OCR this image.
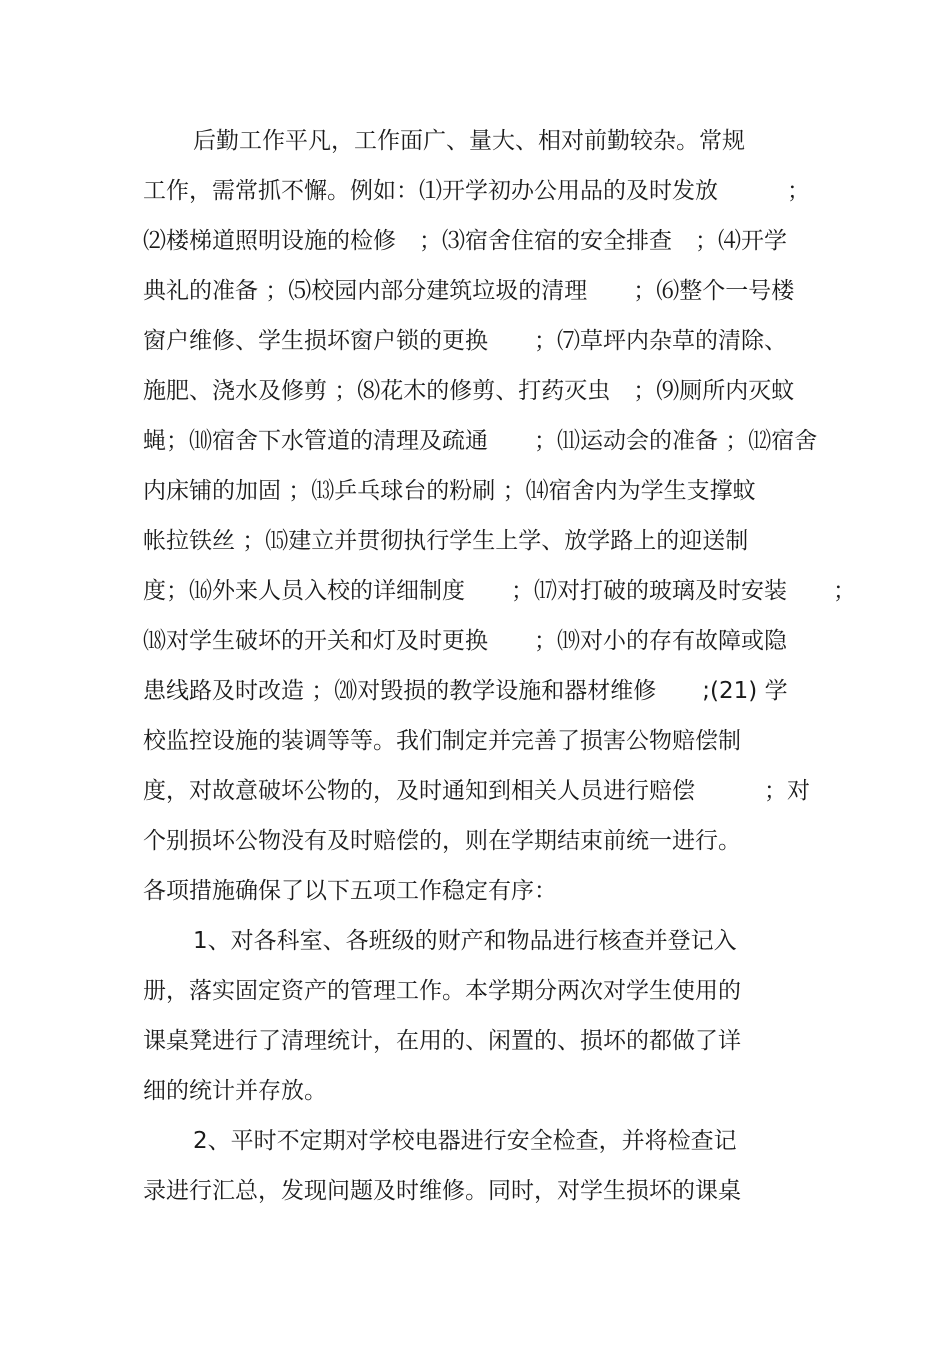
后勤工作平凡，工作面广、量大、相对前勤较杂。常规

工作，需常抓不懈。例如：⑴开学初办公用品的及时发放　　　；

⑵楼梯道照明设施的检修　；⑶宿舍住宿的安全排查　；⑷开学

典礼的准备 ；⑸校园内部分建筑垃圾的清理　　；⑹整个一号楼

窗户维修、学生损坏窗户锁的更换　　；⑺草坪内杂草的清除、

施肥、浇水及修剪 ；⑻花木的修剪、打药灭虫　；⑼厕所内灭蚊

蝇；⑽宿舍下水管道的清理及疏通　　；⑾运动会的准备 ；⑿宿舍

内床铺的加固 ；⒀乒乓球台的粉刷 ；⒁宿舍内为学生支撑蚊

帐拉铁丝 ；⒂建立并贯彻执行学生上学、放学路上的迎送制

度；⒃外来人员入校的详细制度　　；⒄对打破的玻璃及时安装　　；

⒅对学生破坏的开关和灯及时更换　　；⒆对小的存有故障或隐

患线路及时改造 ；⒇对毁损的教学设施和器材维修　　;(21) 学

校监控设施的装调等等。我们制定并完善了损害公物赔偿制

度，对故意破坏公物的，及时通知到相关人员进行赔偿　　　；对

个别损坏公物没有及时赔偿的，则在学期结束前统一进行。

各项措施确保了以下五项工作稳定有序：

1、对各科室、各班级的财产和物品进行核查并登记入

册，落实固定资产的管理工作。本学期分两次对学生使用的

课桌凳进行了清理统计，在用的、闲置的、损坏的都做了详

细的统计并存放。

2、平时不定期对学校电器进行安全检查，并将检查记

录进行汇总，发现问题及时维修。同时，对学生损坏的课桌
